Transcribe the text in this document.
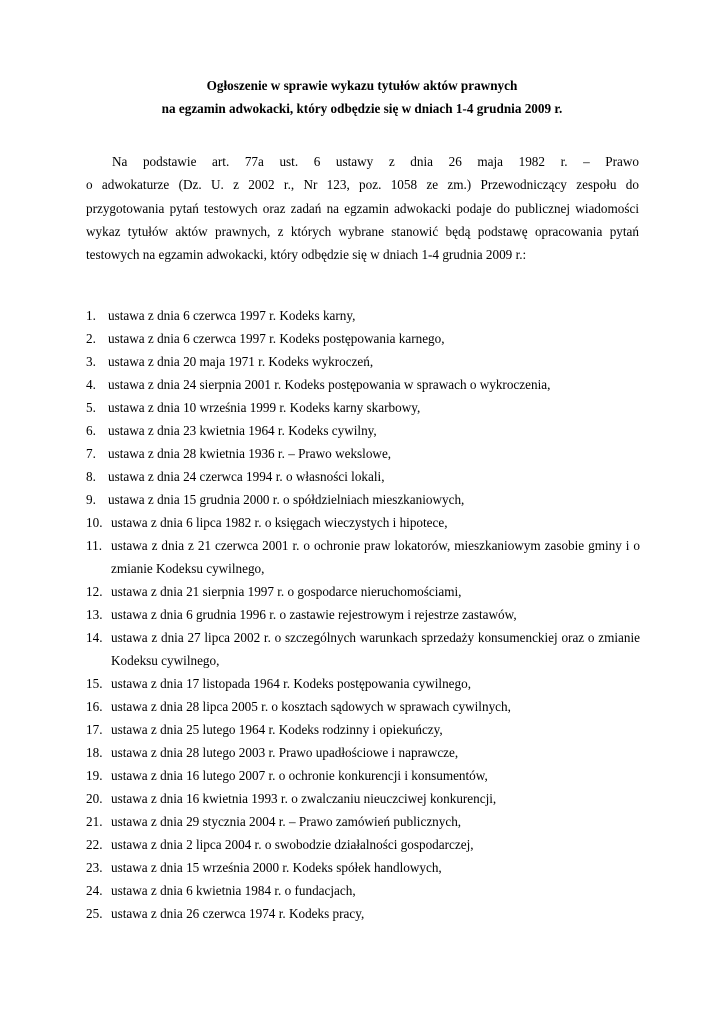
Ogłoszenie w sprawie wykazu tytułów aktów prawnych
na egzamin adwokacki, który odbędzie się w dniach 1-4 grudnia 2009 r.

Na podstawie art. 77a ust. 6 ustawy z dnia 26 maja 1982 r. – Prawo
o adwokaturze (Dz. U. z 2002 r., Nr 123, poz. 1058 ze zm.) Przewodniczący zespołu do
przygotowania pytań testowych oraz zadań na egzamin adwokacki podaje do publicznej wiadomości
wykaz tytułów aktów prawnych, z których wybrane stanowić będą podstawę opracowania pytań
testowych na egzamin adwokacki, który odbędzie się w dniach 1-4 grudnia 2009 r.:

1. ustawa z dnia 6 czerwca 1997 r. Kodeks karny,
2. ustawa z dnia 6 czerwca 1997 r. Kodeks postępowania karnego,
3. ustawa z dnia 20 maja 1971 r. Kodeks wykroczeń,
4. ustawa z dnia 24 sierpnia 2001 r. Kodeks postępowania w sprawach o wykroczenia,
5. ustawa z dnia 10 września 1999 r. Kodeks karny skarbowy,
6. ustawa z dnia 23 kwietnia 1964 r. Kodeks cywilny,
7. ustawa z dnia 28 kwietnia 1936 r. – Prawo wekslowe,
8. ustawa z dnia 24 czerwca 1994 r. o własności lokali,
9. ustawa z dnia 15 grudnia 2000 r. o spółdzielniach mieszkaniowych,
10. ustawa z dnia 6 lipca 1982 r. o księgach wieczystych i hipotece,
11. ustawa z dnia z 21 czerwca 2001 r. o ochronie praw lokatorów, mieszkaniowym zasobie gminy i o zmianie Kodeksu cywilnego,
12. ustawa z dnia 21 sierpnia 1997 r. o gospodarce nieruchomościami,
13. ustawa z dnia 6 grudnia 1996 r. o zastawie rejestrowym i rejestrze zastawów,
14. ustawa z dnia 27 lipca 2002 r. o szczególnych warunkach sprzedaży konsumenckiej oraz o zmianie Kodeksu cywilnego,
15. ustawa z dnia 17 listopada 1964 r. Kodeks postępowania cywilnego,
16. ustawa z dnia 28 lipca 2005 r. o kosztach sądowych w sprawach cywilnych,
17. ustawa z dnia 25 lutego 1964 r. Kodeks rodzinny i opiekuńczy,
18. ustawa z dnia 28 lutego 2003 r. Prawo upadłościowe i naprawcze,
19. ustawa z dnia 16 lutego 2007 r. o ochronie konkurencji i konsumentów,
20. ustawa z dnia 16 kwietnia 1993 r. o zwalczaniu nieuczciwej konkurencji,
21. ustawa z dnia 29 stycznia 2004 r. – Prawo zamówień publicznych,
22. ustawa z dnia 2 lipca 2004 r. o swobodzie działalności gospodarczej,
23. ustawa z dnia 15 września 2000 r. Kodeks spółek handlowych,
24. ustawa z dnia 6 kwietnia 1984 r. o fundacjach,
25. ustawa z dnia 26 czerwca 1974 r. Kodeks pracy,
